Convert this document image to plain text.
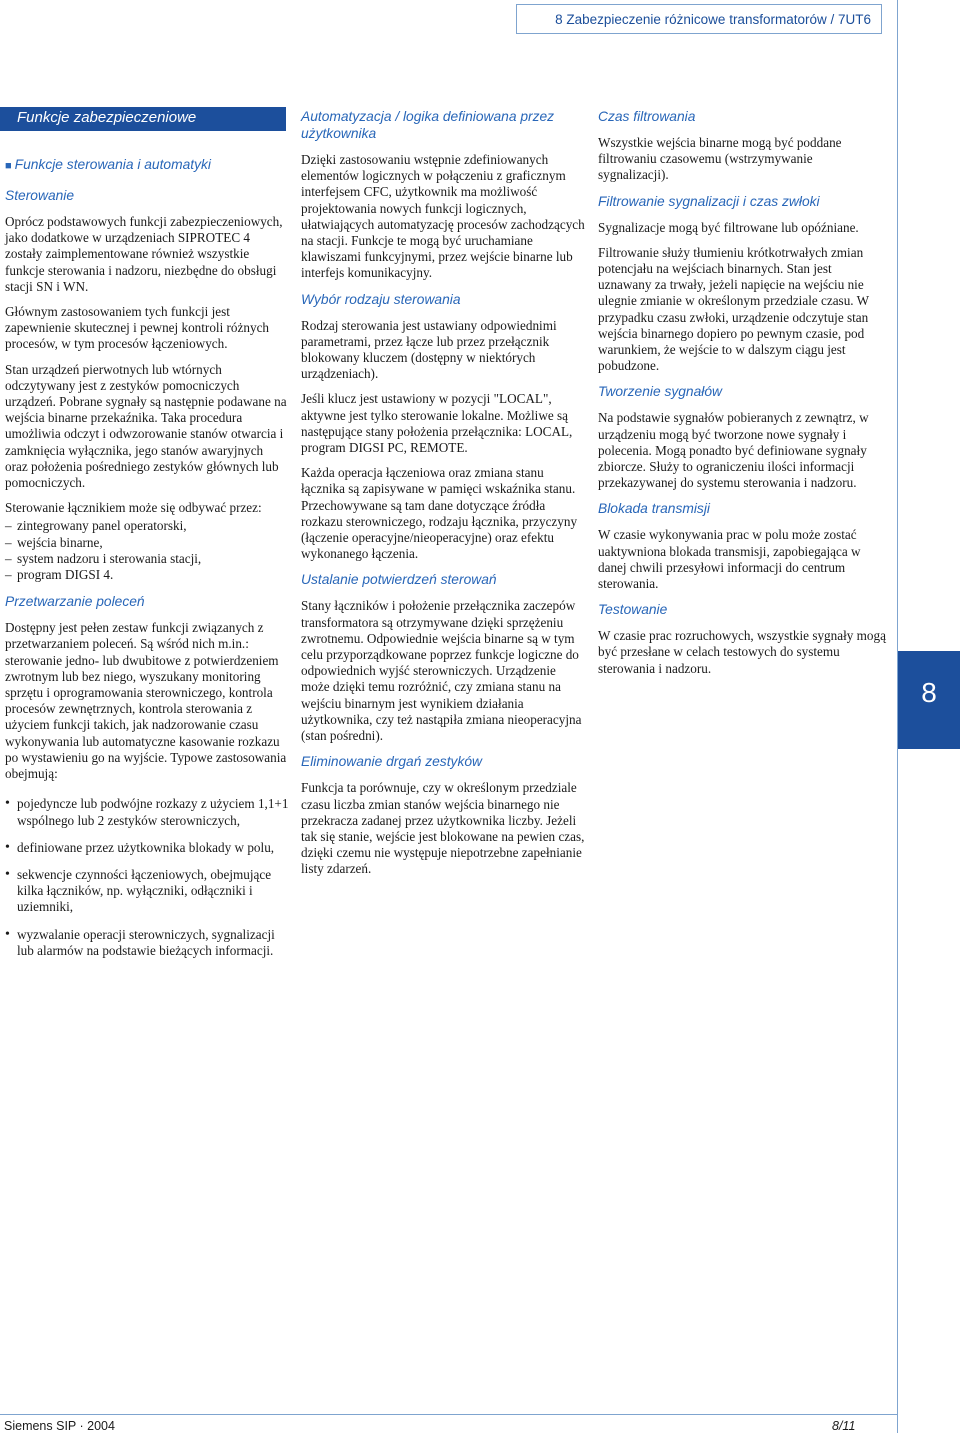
8 Zabezpieczenie różnicowe transformatorów / 7UT6
Funkcje zabezpieczeniowe
■ Funkcje sterowania i automatyki
Sterowanie

Oprócz podstawowych funkcji zabezpieczeniowych, jako dodatkowe w urządzeniach SIPROTEC 4 zostały zaimplementowane również wszystkie funkcje sterowania i nadzoru, niezbędne do obsługi stacji SN i WN.

Głównym zastosowaniem tych funkcji jest zapewnienie skutecznej i pewnej kontroli różnych procesów, w tym procesów łączeniowych.

Stan urządzeń pierwotnych lub wtórnych odczytywany jest z zestyków pomocniczych urządzeń. Pobrane sygnały są następnie podawane na wejścia binarne przekaźnika. Taka procedura umożliwia odczyt i odwzorowanie stanów otwarcia i zamknięcia wyłącznika, jego stanów awaryjnych oraz położenia pośredniego zestyków głównych lub pomocniczych.

Sterowanie łącznikiem może się odbywać przez:

– zintegrowany panel operatorski,
– wejścia binarne,
– system nadzoru i sterowania stacji,
– program DIGSI 4.
Przetwarzanie poleceń

Dostępny jest pełen zestaw funkcji związanych z przetwarzaniem poleceń. Są wśród nich m.in.: sterowanie jedno- lub dwubitowe z potwierdzeniem zwrotnym lub bez niego, wyszukany monitoring sprzętu i oprogramowania sterowniczego, kontrola procesów zewnętrznych, kontrola sterowania z użyciem funkcji takich, jak nadzorowanie czasu wykonywania lub automatyczne kasowanie rozkazu po wystawieniu go na wyjście. Typowe zastosowania obejmują:

• pojedyncze lub podwójne rozkazy z użyciem 1,1+1 wspólnego lub 2 zestyków sterowniczych,
• definiowane przez użytkownika blokady w polu,
• sekwencje czynności łączeniowych, obejmujące kilka łączników, np. wyłączniki, odłączniki i uziemniki,
• wyzwalanie operacji sterowniczych, sygnalizacji lub alarmów na podstawie bieżących informacji.
Automatyzacja / logika definiowana przez użytkownika

Dzięki zastosowaniu wstępnie zdefiniowanych elementów logicznych w połączeniu z graficznym interfejsem CFC, użytkownik ma możliwość projektowania nowych funkcji logicznych, ułatwiających automatyzację procesów zachodzących na stacji. Funkcje te mogą być uruchamiane klawiszami funkcyjnymi, przez wejście binarne lub interfejs komunikacyjny.

Wybór rodzaju sterowania

Rodzaj sterowania jest ustawiany odpowiednimi parametrami, przez łącze lub przez przełącznik blokowany kluczem (dostępny w niektórych urządzeniach).

Jeśli klucz jest ustawiony w pozycji "LOCAL", aktywne jest tylko sterowanie lokalne. Możliwe są następujące stany położenia przełącznika: LOCAL, program DIGSI PC, REMOTE.

Każda operacja łączeniowa oraz zmiana stanu łącznika są zapisywane w pamięci wskaźnika stanu. Przechowywane są tam dane dotyczące źródła rozkazu sterowniczego, rodzaju łącznika, przyczyny (łączenie operacyjne/nieoperacyjne) oraz efektu wykonanego łączenia.

Ustalanie potwierdzeń sterowań

Stany łączników i położenie przełącznika zaczepów transformatora są otrzymywane dzięki sprzężeniu zwrotnemu. Odpowiednie wejścia binarne są w tym celu przyporządkowane poprzez funkcje logiczne do odpowiednich wyjść sterowniczych. Urządzenie może dzięki temu rozróżnić, czy zmiana stanu na wejściu binarnym jest wynikiem działania użytkownika, czy też nastąpiła zmiana nieoperacyjna (stan pośredni).

Eliminowanie drgań zestyków

Funkcja ta porównuje, czy w określonym przedziale czasu liczba zmian stanów wejścia binarnego nie przekracza zadanej przez użytkownika liczby. Jeżeli tak się stanie, wejście jest blokowane na pewien czas, dzięki czemu nie występuje niepotrzebne zapełnianie listy zdarzeń.

Czas filtrowania

Wszystkie wejścia binarne mogą być poddane filtrowaniu czasowemu (wstrzymywanie sygnalizacji).

Filtrowanie sygnalizacji i czas zwłoki

Sygnalizacje mogą być filtrowane lub opóźniane.

Filtrowanie służy tłumieniu krótkotrwałych zmian potencjału na wejściach binarnych. Stan jest uznawany za trwały, jeżeli napięcie na wejściu nie ulegnie zmianie w określonym przedziale czasu. W przypadku czasu zwłoki, urządzenie odczytuje stan wejścia binarnego dopiero po pewnym czasie, pod warunkiem, że wejście to w dalszym ciągu jest pobudzone.

Tworzenie sygnałów

Na podstawie sygnałów pobieranych z zewnątrz, w urządzeniu mogą być tworzone nowe sygnały i polecenia. Mogą ponadto być definiowane sygnały zbiorcze. Służy to ograniczeniu ilości informacji przekazywanej do systemu sterowania i nadzoru.

Blokada transmisji

W czasie wykonywania prac w polu może zostać uaktywniona blokada transmisji, zapobiegająca w danej chwili przesyłowi informacji do centrum sterowania.

Testowanie

W czasie prac rozruchowych, wszystkie sygnały mogą być przesłane w celach testowych do systemu sterowania i nadzoru.

8
Siemens SIP · 2004	8/11
